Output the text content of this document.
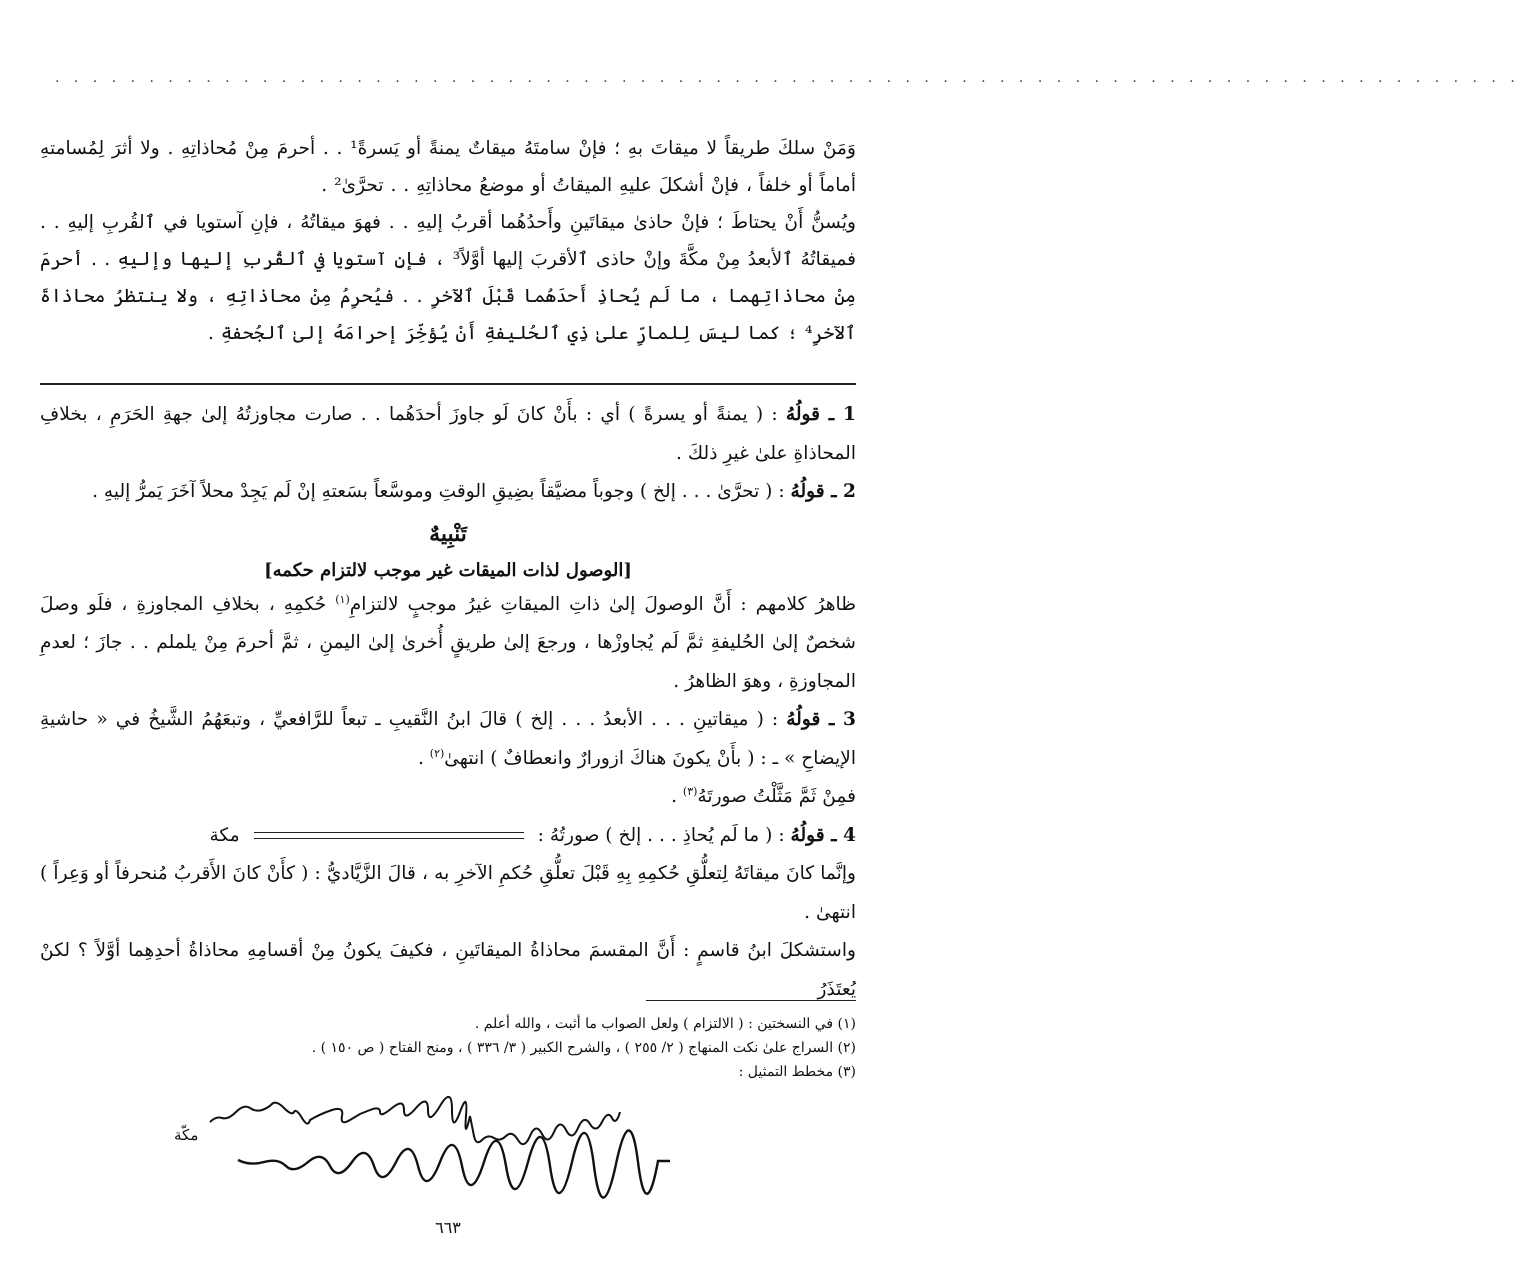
. . . . . . . . . . . . . . . . . . . . . . . . . . . . . . . . . . . . . . . . . . . . . . . . . . . . . . . . . . . . . . . . . . . . . . . . . . . . . .

وَمَنْ سلكَ طريقاً لا ميقاتَ بهِ ؛ فإنْ سامتَهُ ميقاتٌ يمنةً أو يَسرةً¹ . . أحرمَ مِنْ مُحاذاتِهِ . ولا أثرَ لِمُسامتهِ أماماً أو خلفاً ، فإنْ أشكلَ عليهِ الميقاتُ أو موضعُ محاذاتِهِ . . تحرَّىٰ² .

ويُسنُّ أَنْ يحتاطَ ؛ فإنْ حاذىٰ ميقاتَينِ وأَحدُهُما أقربُ إليهِ . . فهوَ ميقاتُهُ ، فإنِ آستويا في ٱلقُربِ إليهِ . . فميقاتُهُ ٱلأبعدُ مِنْ مكَّةَ وإنْ حاذى ٱلأقربَ إليها أوَّلاً³ ، فإنِ آستويا في ٱلقُربِ إليها وإليهِ . . أحرمَ مِنْ محاذاتِهما ، ما لَم يُحاذِ أَحدَهُما قَبْلَ ٱلآخرِ . . فيُحرِمُ مِنْ محاذاتِهِ ، ولا ينتظرُ محاذاةَ ٱلآخرِ⁴ ؛ كما ليسَ لِلمارِّ علىٰ ذِي ٱلحُليفةِ أَنْ يُؤخِّرَ إحرامَهُ إلىٰ ٱلجُحفةِ .

1 ـ قولُهُ : ( يمنةً أو يسرةً ) أي : بأَنْ كانَ لَو جاوزَ أحدَهُما . . صارت مجاوزتُهُ إلىٰ جهةِ الحَرَمِ ، بخلافِ المحاذاةِ علىٰ غيرِ ذلكَ .

2 ـ قولُهُ : ( تحرَّىٰ . . . إلخ ) وجوباً مضيَّقاً بضِيقِ الوقتِ وموسَّعاً بسَعتهِ إنْ لَم يَجِدْ محلاً آخَرَ يَمرُّ إليهِ .

تَنْبِيهٌ

[الوصول لذات الميقات غير موجب لالتزام حكمه]

ظاهرُ كلامهم : أَنَّ الوصولَ إلىٰ ذاتِ الميقاتِ غيرُ موجبٍ لالتزامِ$^{(١)}$ حُكمِهِ ، بخلافِ المجاوزةِ ، فلَو وصلَ شخصٌ إلىٰ الحُليفةِ ثمَّ لَم يُجاوزْها ، ورجعَ إلىٰ طريقٍ أُخرىٰ إلىٰ اليمنِ ، ثمَّ أحرمَ مِنْ يلملم . . جازَ ؛ لعدمِ المجاوزةِ ، وهوَ الظاهرُ .

3 ـ قولُهُ : ( ميقاتينِ . . . الأبعدُ . . . إلخ ) قالَ ابنُ النَّقيبِ ـ تبعاً للرَّافعيِّ ، وتبعَهُمُ الشَّيخُ في « حاشيةِ الإيضاحِ » ـ : ( بأَنْ يكونَ هناكَ ازورارٌ وانعطافٌ ) انتهىٰ$^{(٢)}$ .

فمِنْ ثَمَّ مَثَّلْتُ صورتَهُ$^{(٣)}$ .

4 ـ قولُهُ : ( ما لَم يُحاذِ . . . إلخ ) صورتُهُ :مكة

وإنَّما كانَ ميقاتَهُ لِتعلُّقِ حُكمِهِ بِهِ قَبْلَ تعلُّقِ حُكمِ الآخرِ به ، قالَ الزَّيَّاديُّ : ( كأَنْ كانَ الأَقربُ مُنحرفاً أو وَعِراً ) انتهىٰ .

واستشكلَ ابنُ قاسمٍ : أَنَّ المقسمَ محاذاةُ الميقاتَينِ ، فكيفَ يكونُ مِنْ أقسامِهِ محاذاةُ أحدِهِما أوَّلاً ؟ لكنْ يُعتَذَرُ

(١) في النسختين : ( الالتزام ) ولعل الصواب ما أثبت ، والله أعلم .

(٢) السراج علىٰ نكت المنهاج ( ٢/ ٢٥٥ ) ، والشرح الكبير ( ٣/ ٣٣٦ ) ، ومنح الفتاح ( ص ١٥٠ ) .

(٣) مخطط التمثيل :

مكّة
٦٦٣
